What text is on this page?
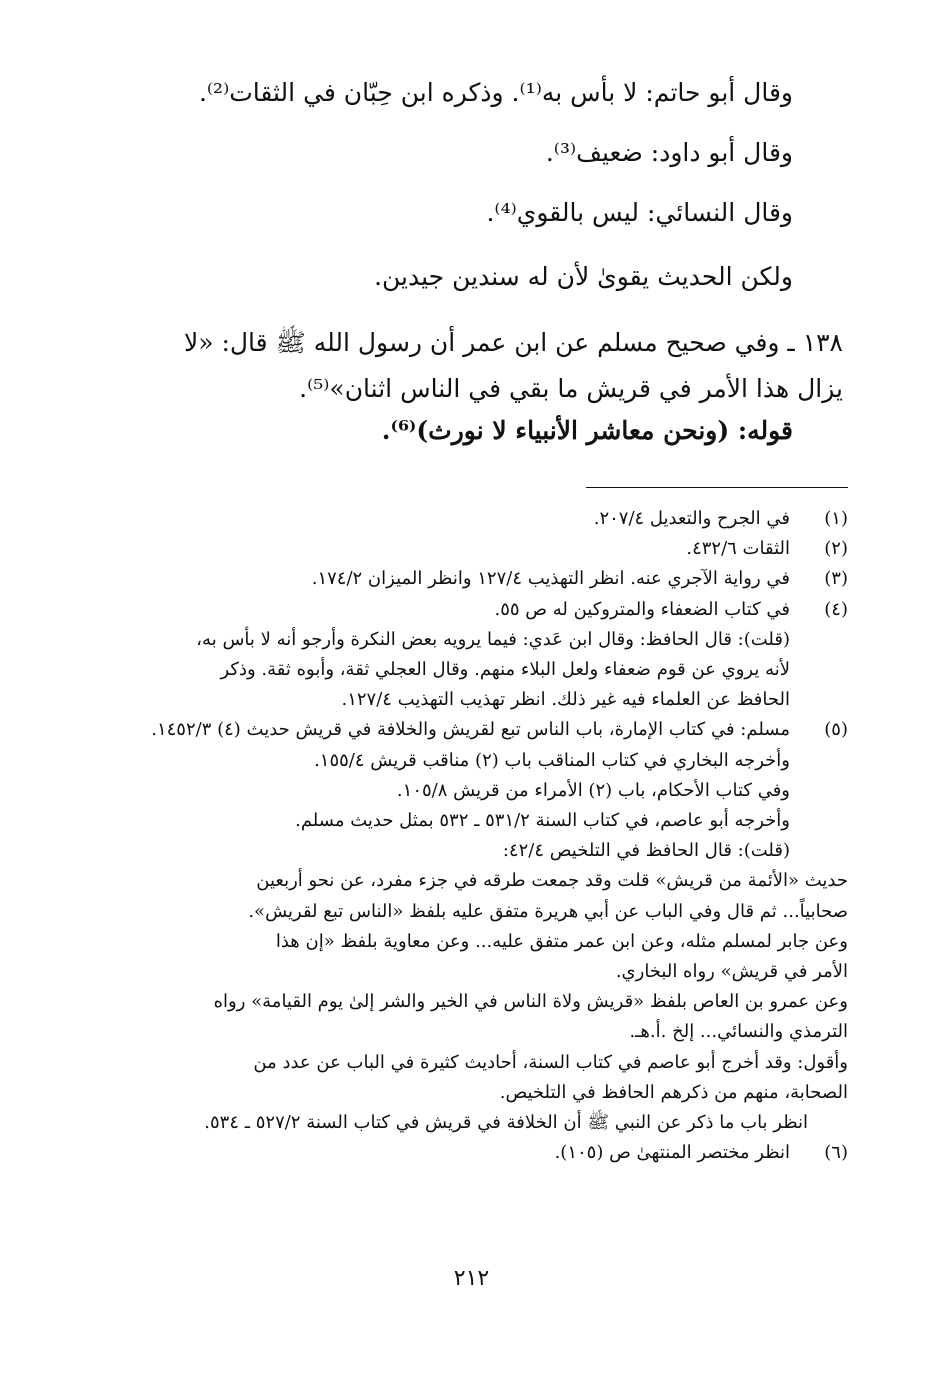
وقال أبو حاتم: لا بأس به⁽¹⁾. وذكره ابن حِبّان في الثقات⁽²⁾.
وقال أبو داود: ضعيف⁽³⁾.
وقال النسائي: ليس بالقوي⁽⁴⁾.
ولكن الحديث يقوىٰ لأن له سندين جيدين.
١٣٨ ـ وفي صحيح مسلم عن ابن عمر أن رسول الله ﷺ قال: «لا
يزال هذا الأمر في قريش ما بقي في الناس اثنان»⁽⁵⁾.
قوله: (ونحن معاشر الأنبياء لا نورث)⁽⁶⁾.
(١)
في الجرح والتعديل ٢٠٧/٤.
(٢)
الثقات ٤٣٢/٦.
(٣)
في رواية الآجري عنه. انظر التهذيب ١٢٧/٤ وانظر الميزان ١٧٤/٢.
(٤)
في كتاب الضعفاء والمتروكين له ص ٥٥.
(قلت): قال الحافظ: وقال ابن عَدي: فيما يرويه بعض النكرة وأرجو أنه لا بأس به،
لأنه يروي عن قوم ضعفاء ولعل البلاء منهم. وقال العجلي ثقة، وأبوه ثقة. وذكر
الحافظ عن العلماء فيه غير ذلك. انظر تهذيب التهذيب ١٢٧/٤.
(٥)
مسلم: في كتاب الإمارة، باب الناس تبع لقريش والخلافة في قريش حديث (٤) ١٤٥٢/٣.
وأخرجه البخاري في كتاب المناقب باب (٢) مناقب قريش ١٥٥/٤.
وفي كتاب الأحكام، باب (٢) الأمراء من قريش ١٠٥/٨.
وأخرجه أبو عاصم، في كتاب السنة ٥٣١/٢ ـ ٥٣٢ بمثل حديث مسلم.
(قلت): قال الحافظ في التلخيص ٤٢/٤:
حديث «الأئمة من قريش» قلت وقد جمعت طرقه في جزء مفرد، عن نحو أربعين
صحابياً... ثم قال وفي الباب عن أبي هريرة متفق عليه بلفظ «الناس تبع لقريش».
وعن جابر لمسلم مثله، وعن ابن عمر متفق عليه... وعن معاوية بلفظ «إن هذا
الأمر في قريش» رواه البخاري.
وعن عمرو بن العاص بلفظ «قريش ولاة الناس في الخير والشر إلىٰ يوم القيامة» رواه
الترمذي والنسائي... إلخ .أ.هـ.
وأقول: وقد أخرج أبو عاصم في كتاب السنة، أحاديث كثيرة في الباب عن عدد من
الصحابة، منهم من ذكرهم الحافظ في التلخيص.
انظر باب ما ذكر عن النبي ﷺ أن الخلافة في قريش في كتاب السنة ٥٢٧/٢ ـ ٥٣٤.
(٦)
انظر مختصر المنتهىٰ ص (١٠٥).
٢١٢
